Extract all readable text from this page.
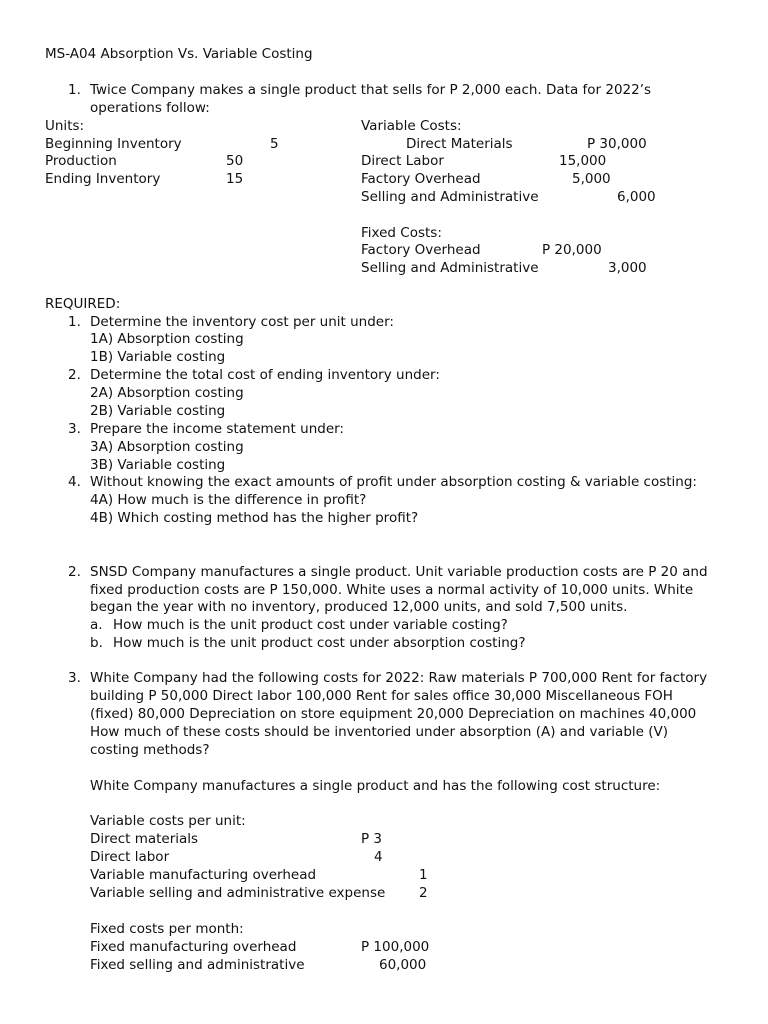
MS-A04 Absorption Vs. Variable Costing
1. Twice Company makes a single product that sells for P 2,000 each. Data for 2022’s
operations follow:
Units:
Beginning Inventory	5
Production	50
Ending Inventory	15
Variable Costs:
Direct Materials	P 30,000
Direct Labor	15,000
Factory Overhead	5,000
Selling and Administrative	6,000
Fixed Costs:
Factory Overhead	P 20,000
Selling and Administrative	3,000
REQUIRED:
1. Determine the inventory cost per unit under:
1A) Absorption costing
1B) Variable costing
2. Determine the total cost of ending inventory under:
2A) Absorption costing
2B) Variable costing
3. Prepare the income statement under:
3A) Absorption costing
3B) Variable costing
4. Without knowing the exact amounts of profit under absorption costing & variable costing:
4A) How much is the difference in profit?
4B) Which costing method has the higher profit?
2. SNSD Company manufactures a single product. Unit variable production costs are P 20 and
fixed production costs are P 150,000. White uses a normal activity of 10,000 units. White
began the year with no inventory, produced 12,000 units, and sold 7,500 units.
a. How much is the unit product cost under variable costing?
b. How much is the unit product cost under absorption costing?
3. White Company had the following costs for 2022: Raw materials P 700,000 Rent for factory
building P 50,000 Direct labor 100,000 Rent for sales office 30,000 Miscellaneous FOH
(fixed) 80,000 Depreciation on store equipment 20,000 Depreciation on machines 40,000
How much of these costs should be inventoried under absorption (A) and variable (V)
costing methods?
White Company manufactures a single product and has the following cost structure:
Variable costs per unit:
Direct materials	P 3
Direct labor	4
Variable manufacturing overhead	1
Variable selling and administrative expense 2
Fixed costs per month:
Fixed manufacturing overhead	P 100,000
Fixed selling and administrative	60,000
